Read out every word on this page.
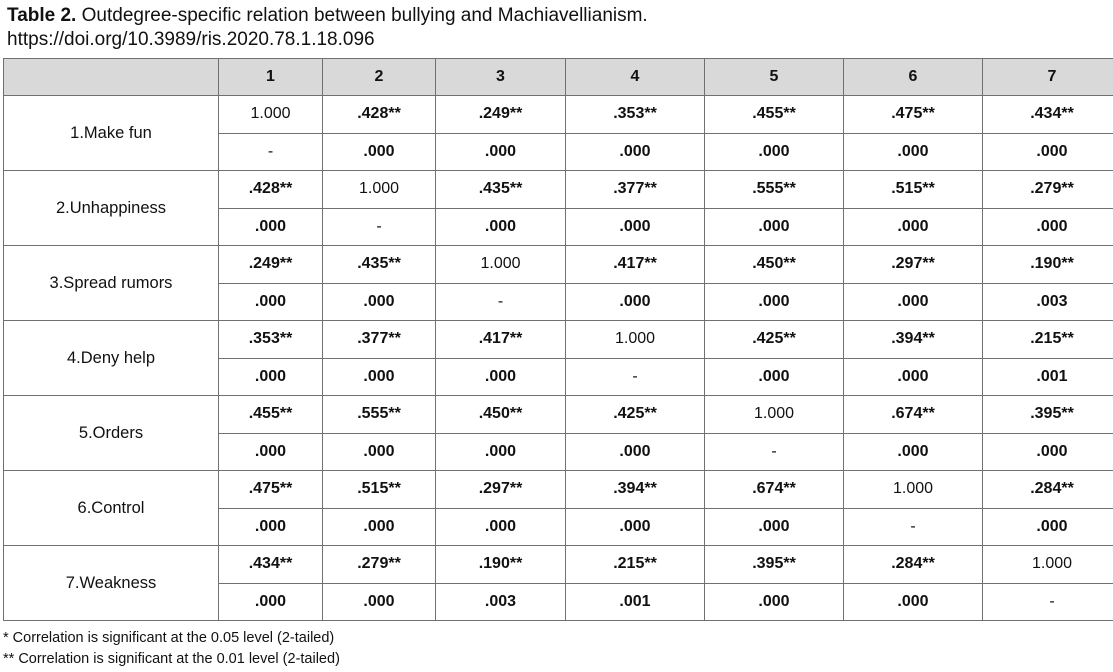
Table 2. Outdegree-specific relation between bullying and Machiavellianism.
https://doi.org/10.3989/ris.2020.78.1.18.096
	1	2	3	4	5	6	7
1.Make fun	1.000	.428**	.249**	.353**	.455**	.475**	.434**
	-	.000	.000	.000	.000	.000	.000
2.Unhappiness	.428**	1.000	.435**	.377**	.555**	.515**	.279**
	.000	-	.000	.000	.000	.000	.000
3.Spread rumors	.249**	.435**	1.000	.417**	.450**	.297**	.190**
	.000	.000	-	.000	.000	.000	.003
4.Deny help	.353**	.377**	.417**	1.000	.425**	.394**	.215**
	.000	.000	.000	-	.000	.000	.001
5.Orders	.455**	.555**	.450**	.425**	1.000	.674**	.395**
	.000	.000	.000	.000	-	.000	.000
6.Control	.475**	.515**	.297**	.394**	.674**	1.000	.284**
	.000	.000	.000	.000	.000	-	.000
7.Weakness	.434**	.279**	.190**	.215**	.395**	.284**	1.000
	.000	.000	.003	.001	.000	.000	-
* Correlation is significant at the 0.05 level (2-tailed)
** Correlation is significant at the 0.01 level (2-tailed)
